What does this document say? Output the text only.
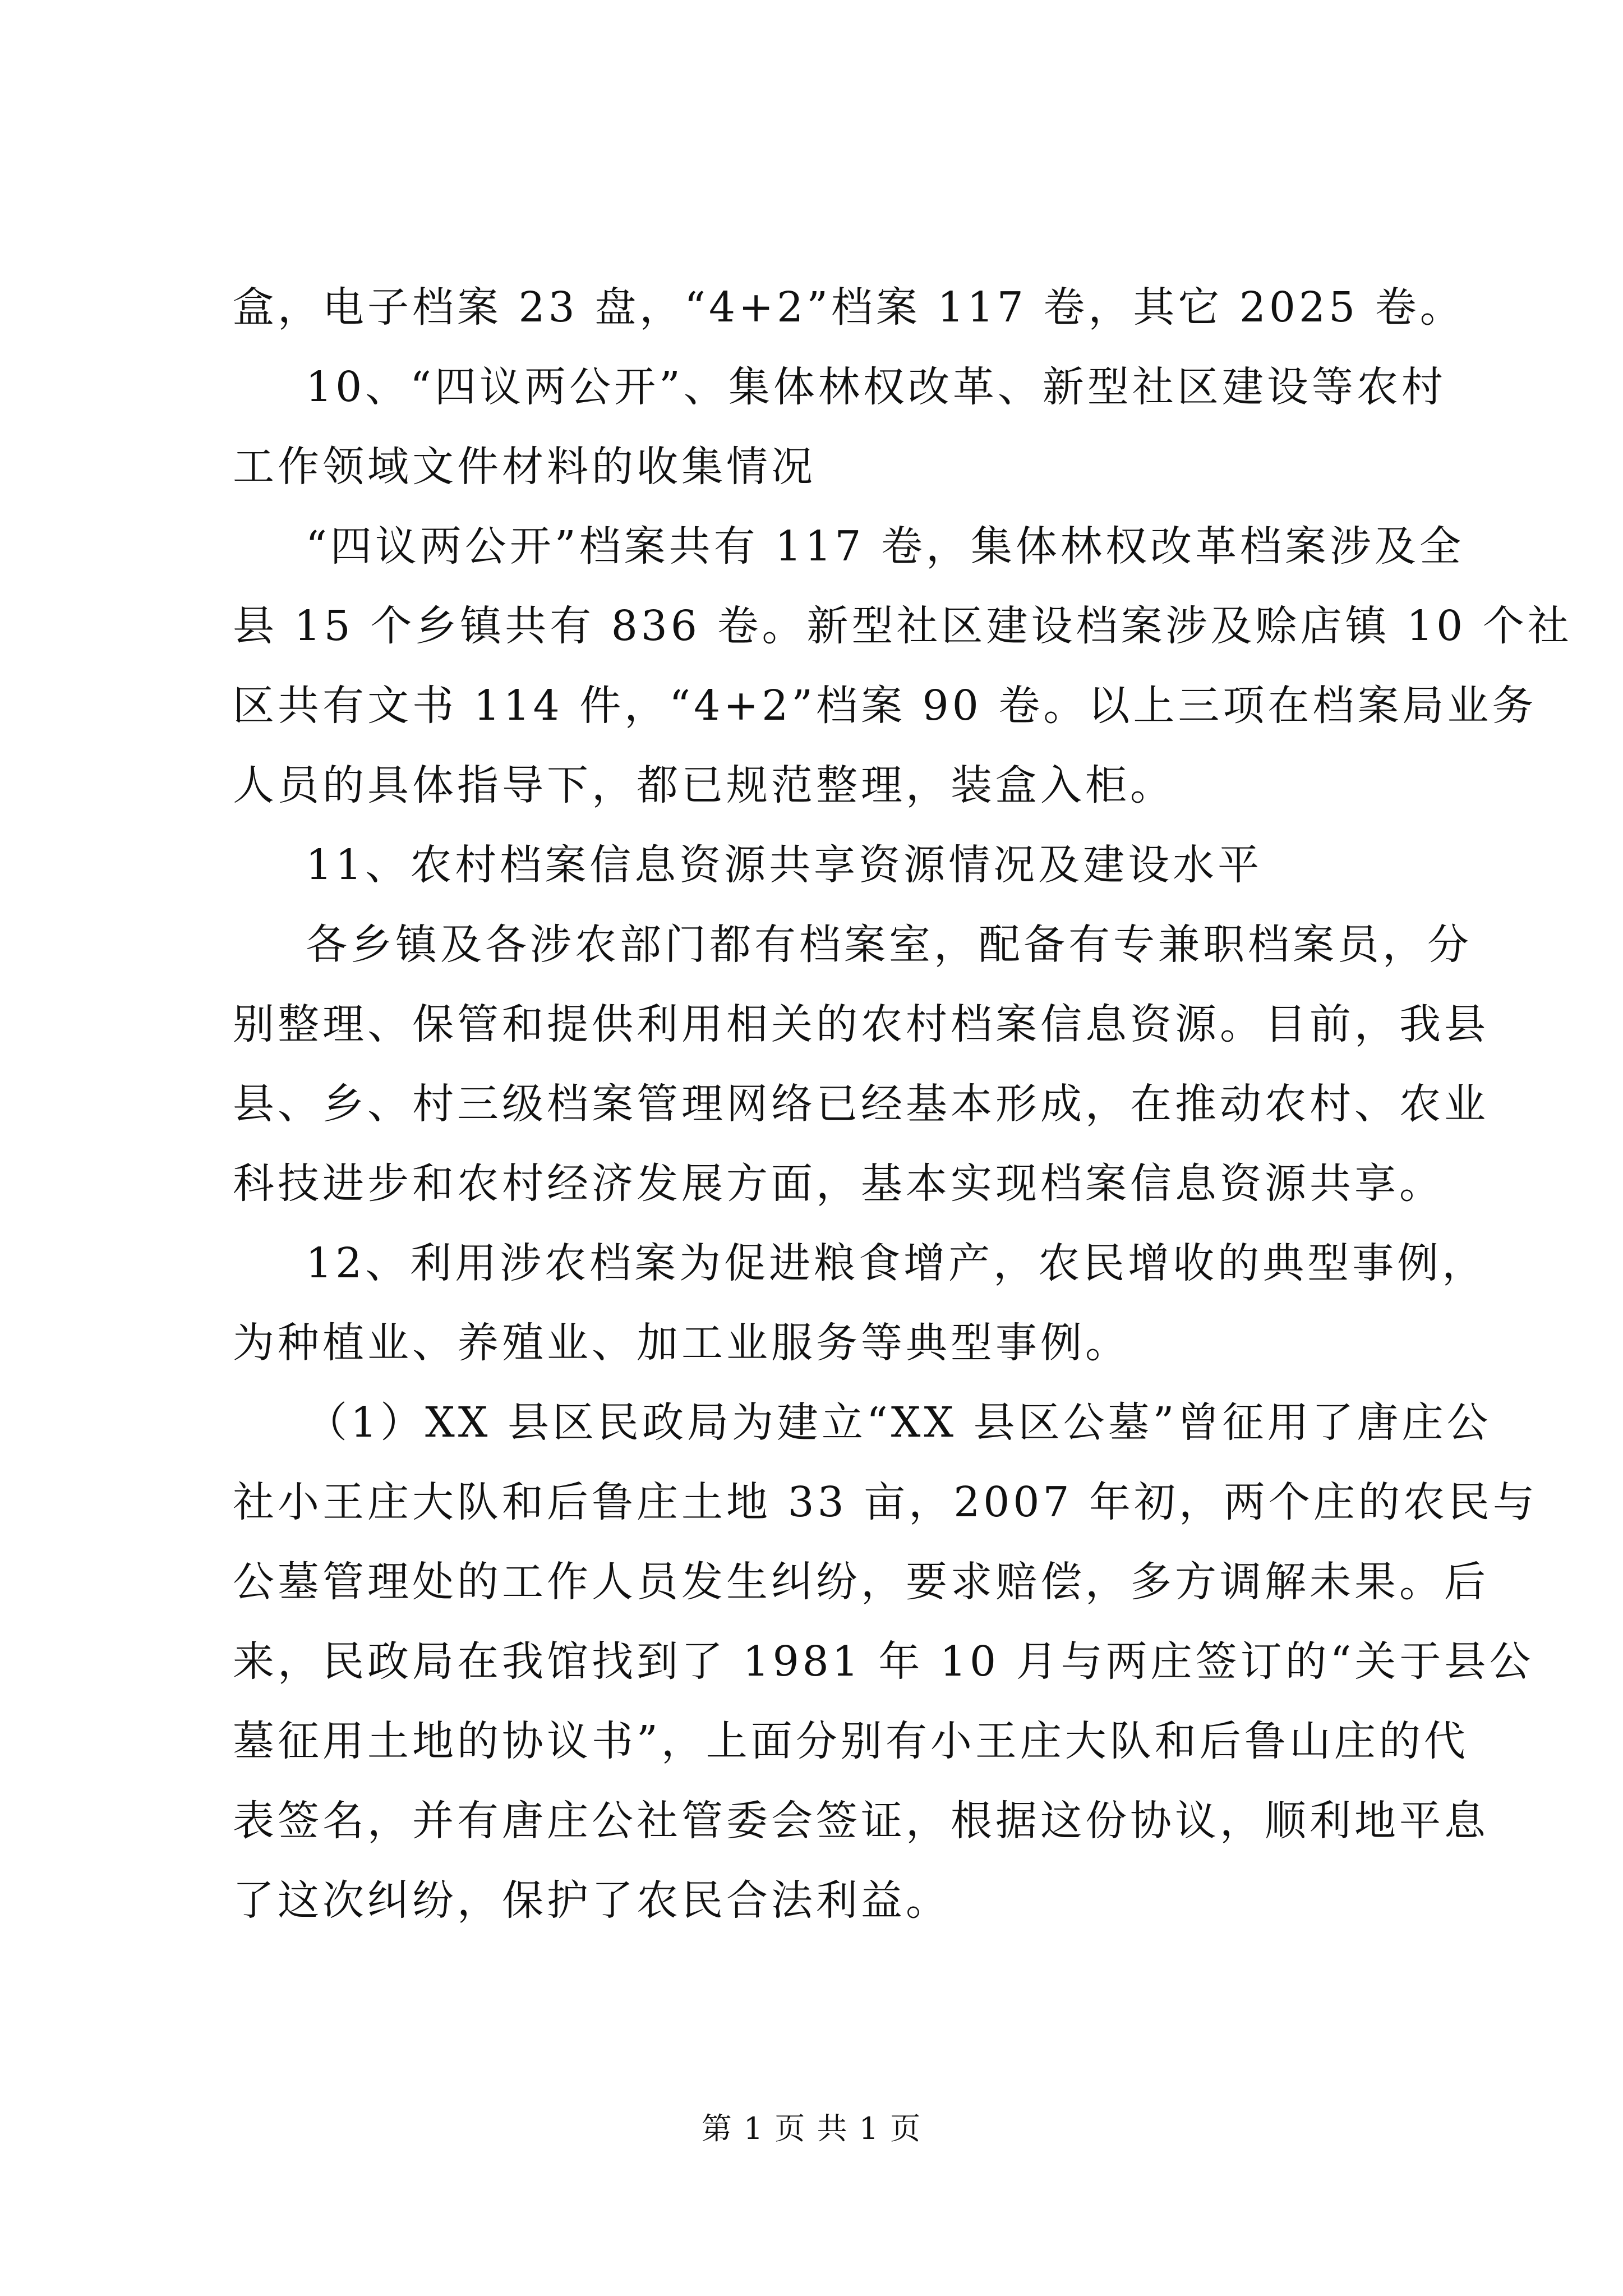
盒，电子档案 23 盘，“4+2”档案 117 卷，其它 2025 卷。
10、“四议两公开”、集体林权改革、新型社区建设等农村
工作领域文件材料的收集情况
“四议两公开”档案共有 117 卷，集体林权改革档案涉及全
县 15 个乡镇共有 836 卷。新型社区建设档案涉及赊店镇 10 个社
区共有文书 114 件，“4+2”档案 90 卷。以上三项在档案局业务
人员的具体指导下，都已规范整理，装盒入柜。
11、农村档案信息资源共享资源情况及建设水平
各乡镇及各涉农部门都有档案室，配备有专兼职档案员，分
别整理、保管和提供利用相关的农村档案信息资源。目前，我县
县、乡、村三级档案管理网络已经基本形成，在推动农村、农业
科技进步和农村经济发展方面，基本实现档案信息资源共享。
12、利用涉农档案为促进粮食增产，农民增收的典型事例，
为种植业、养殖业、加工业服务等典型事例。
（1）XX 县区民政局为建立“XX 县区公墓”曾征用了唐庄公
社小王庄大队和后鲁庄土地 33 亩，2007 年初，两个庄的农民与
公墓管理处的工作人员发生纠纷，要求赔偿，多方调解未果。后
来，民政局在我馆找到了 1981 年 10 月与两庄签订的“关于县公
墓征用土地的协议书”，上面分别有小王庄大队和后鲁山庄的代
表签名，并有唐庄公社管委会签证，根据这份协议，顺利地平息
了这次纠纷，保护了农民合法利益。
第 1 页 共 1 页
